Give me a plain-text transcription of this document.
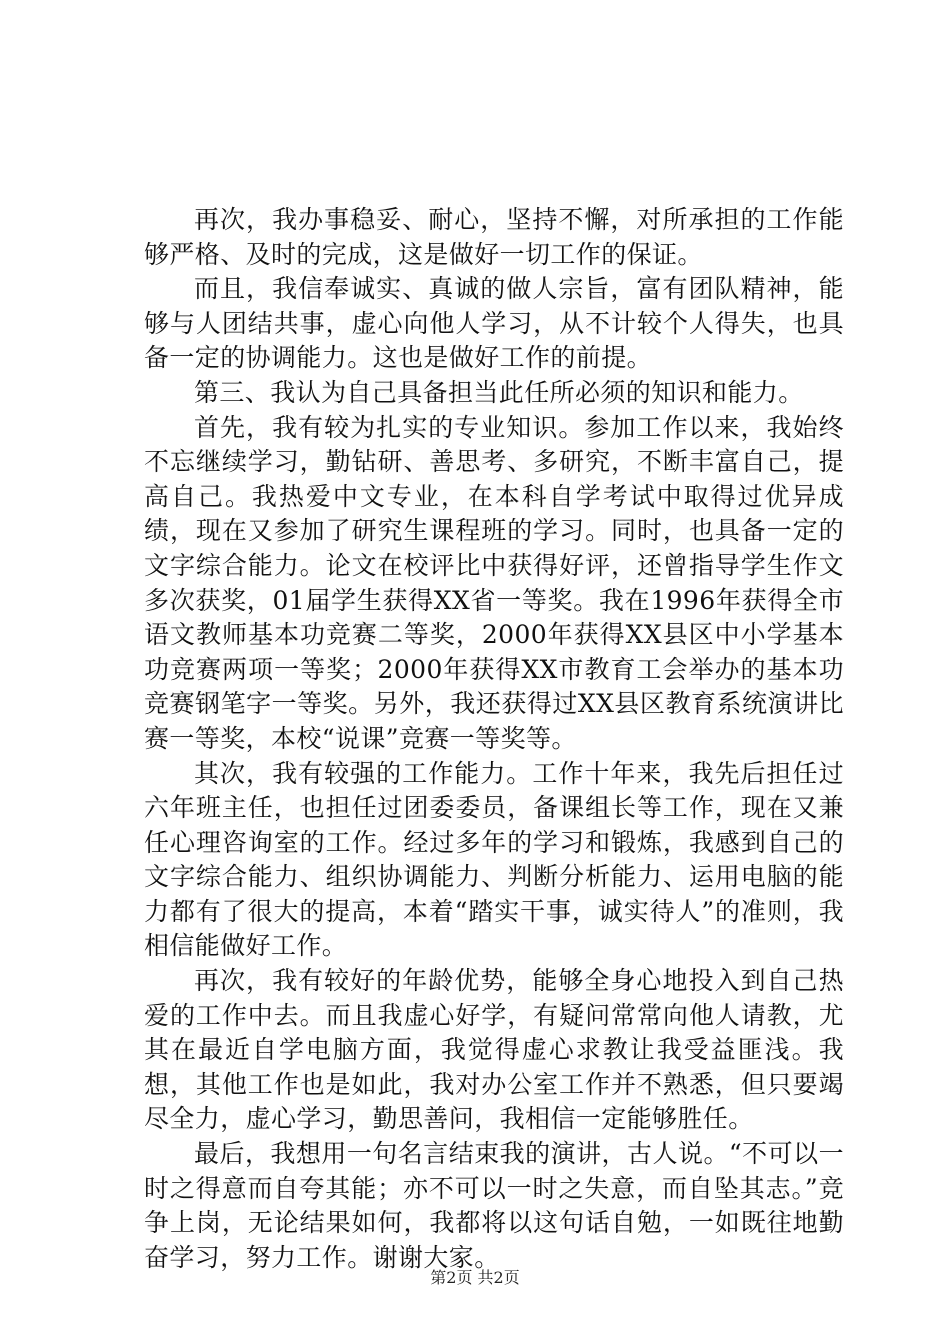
再次，我办事稳妥、耐心，坚持不懈，对所承担的工作能够严格、及时的完成，这是做好一切工作的保证。

而且，我信奉诚实、真诚的做人宗旨，富有团队精神，能够与人团结共事，虚心向他人学习，从不计较个人得失，也具备一定的协调能力。这也是做好工作的前提。

第三、我认为自己具备担当此任所必须的知识和能力。

首先，我有较为扎实的专业知识。参加工作以来，我始终不忘继续学习，勤钻研、善思考、多研究，不断丰富自己，提高自己。我热爱中文专业，在本科自学考试中取得过优异成绩，现在又参加了研究生课程班的学习。同时，也具备一定的文字综合能力。论文在校评比中获得好评，还曾指导学生作文多次获奖，01届学生获得XX省一等奖。我在1996年获得全市语文教师基本功竞赛二等奖，2000年获得XX县区中小学基本功竞赛两项一等奖；2000年获得XX市教育工会举办的基本功竞赛钢笔字一等奖。另外，我还获得过XX县区教育系统演讲比赛一等奖，本校“说课”竞赛一等奖等。

其次，我有较强的工作能力。工作十年来，我先后担任过六年班主任，也担任过团委委员，备课组长等工作，现在又兼任心理咨询室的工作。经过多年的学习和锻炼，我感到自己的文字综合能力、组织协调能力、判断分析能力、运用电脑的能力都有了很大的提高，本着“踏实干事，诚实待人”的准则，我相信能做好工作。

再次，我有较好的年龄优势，能够全身心地投入到自己热爱的工作中去。而且我虚心好学，有疑问常常向他人请教，尤其在最近自学电脑方面，我觉得虚心求教让我受益匪浅。我想，其他工作也是如此，我对办公室工作并不熟悉，但只要竭尽全力，虚心学习，勤思善问，我相信一定能够胜任。

最后，我想用一句名言结束我的演讲，古人说。“不可以一时之得意而自夸其能；亦不可以一时之失意，而自坠其志。”竞争上岗，无论结果如何，我都将以这句话自勉，一如既往地勤奋学习，努力工作。谢谢大家。

第2页 共2页
